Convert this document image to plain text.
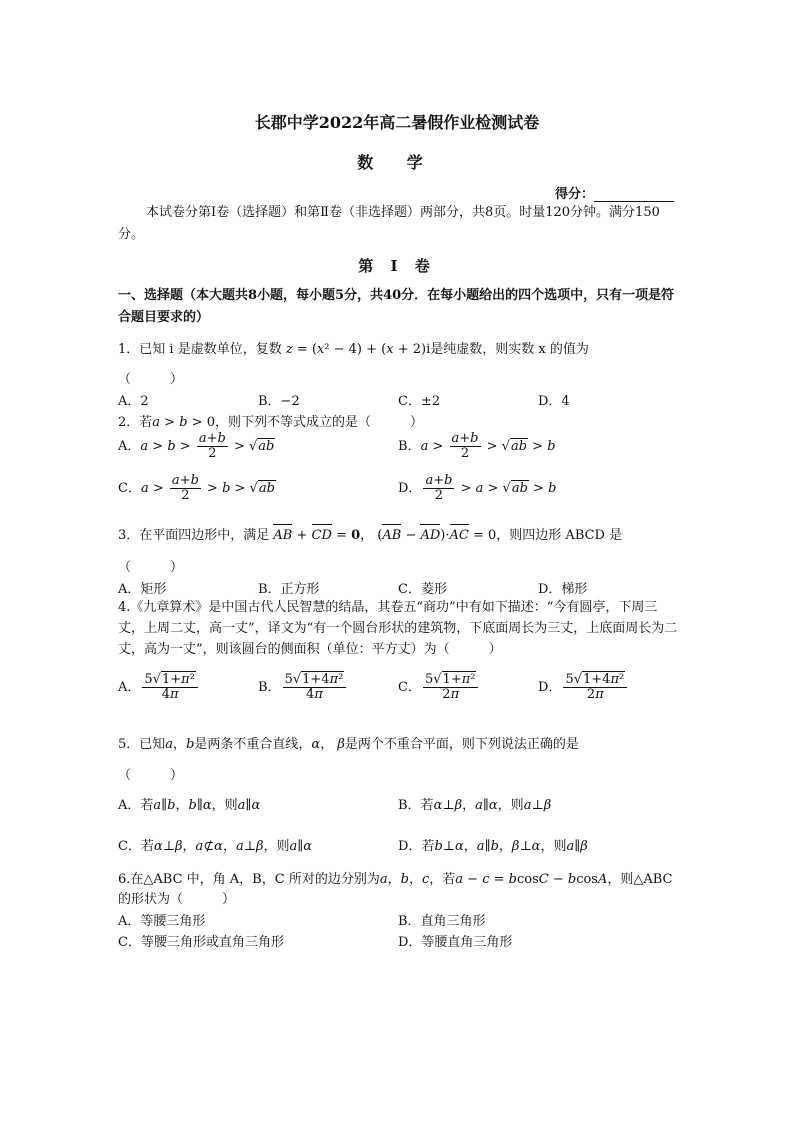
长郡中学2022年高二暑假作业检测试卷
数 学
得分：
本试卷分第Ⅰ卷（选择题）和第Ⅱ卷（非选择题）两部分，共8页。时量120分钟。满分150分。
第 Ⅰ 卷
一、选择题（本大题共8小题，每小题5分，共40分．在每小题给出的四个选项中，只有一项是符合题目要求的）
1．已知 i 是虚数单位，复数 z = (x² − 4) + (x + 2)i是纯虚数，则实数 x 的值为
（　　　）
A．2	B．−2	C．±2	D．4
2．若a > b > 0，则下列不等式成立的是（　　　）
A．$a > b > \frac{a+b}{2} > √ab$	B．$a > \frac{a+b}{2} > √ab > b$
C．$a > \frac{a+b}{2} > b > √ab$	D． $\frac{a+b}{2} > a > √ab > b$
3．在平面四边形中，满足 AB + CD = 0， (AB − AD)·AC = 0，则四边形 ABCD 是
（　　　）
A．矩形	B．正方形	C．菱形	D．梯形
4.《九章算术》是中国古代人民智慧的结晶，其卷五“商功”中有如下描述：“今有圆亭，下周三丈，上周二丈，高一丈”，译文为“有一个圆台形状的建筑物，下底面周长为三丈，上底面周长为二丈，高为一丈”，则该圆台的侧面积（单位：平方丈）为（　　　）
A． $\frac{\text{5√1+π²}}{4\pi}$	B． $\frac{\text{5√1+4π²}}{4\pi}$	C． $\frac{\text{5√1+π²}}{2\pi}$	D． $\frac{\text{5√1+4π²}}{2\pi}$
5．已知a，b是两条不重合直线，α， β是两个不重合平面，则下列说法正确的是
（　　　）
A．若a∥b，b∥α，则a∥α	B．若α⊥β，a∥α，则a⊥β
C．若α⊥β，a⊄α，a⊥β，则a∥α	D．若b⊥α，a∥b，β⊥α，则a∥β
6.在△ABC 中，角 A，B，C 所对的边分别为a，b，c，若a − c = bcosC − bcosA，则△ABC
的形状为（　　　）
A．等腰三角形	B．直角三角形
C．等腰三角形或直角三角形	D．等腰直角三角形
